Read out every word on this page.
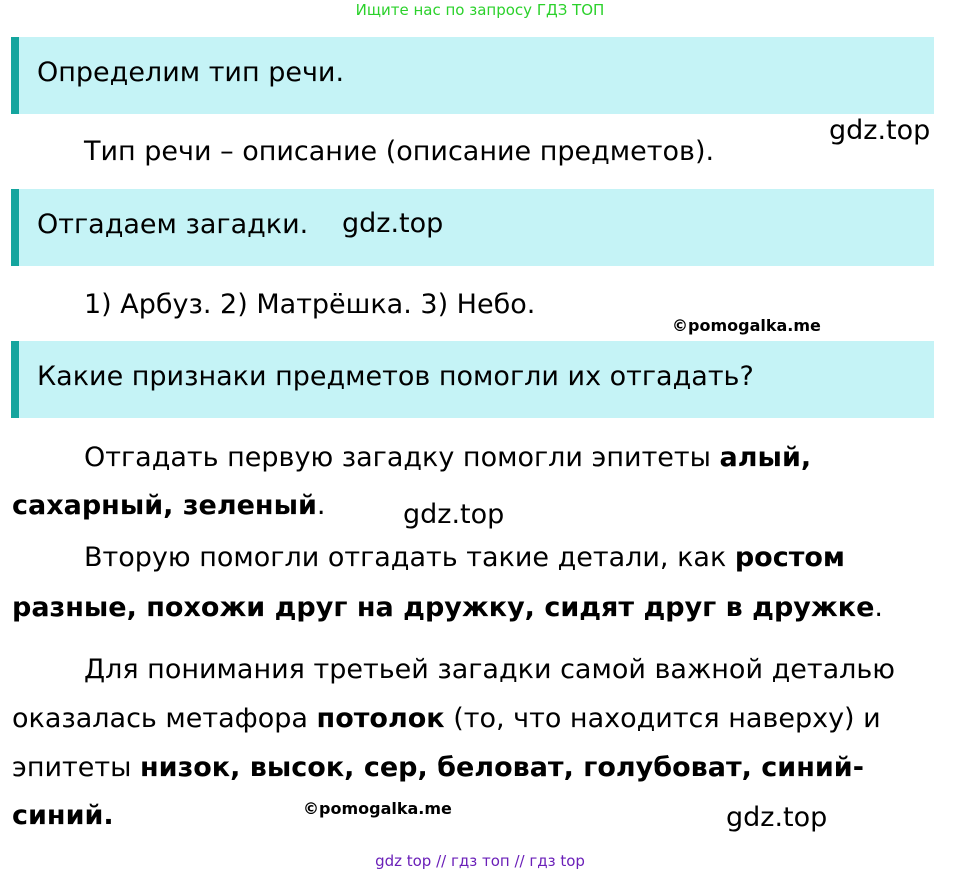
Ищите нас по запросу ГДЗ ТОП
Определим тип речи.
gdz.top
Тип речи – описание (описание предметов).
Отгадаем загадки. gdz.top
1) Арбуз. 2) Матрёшка. 3) Небо.
©pomogalka.me
Какие признаки предметов помогли их отгадать?
Отгадать первую загадку помогли эпитеты алый,
сахарный, зеленый.	gdz.top
Вторую помогли отгадать такие детали, как ростом
разные, похожи друг на дружку, сидят друг в дружке.
Для понимания третьей загадки самой важной деталью
оказалась метафора потолок (то, что находится наверху) и
эпитеты низок, высок, сер, беловат, голубоват, синий-
синий.	©pomogalka.me	gdz.top
gdz top // гдз топ // гдз top
